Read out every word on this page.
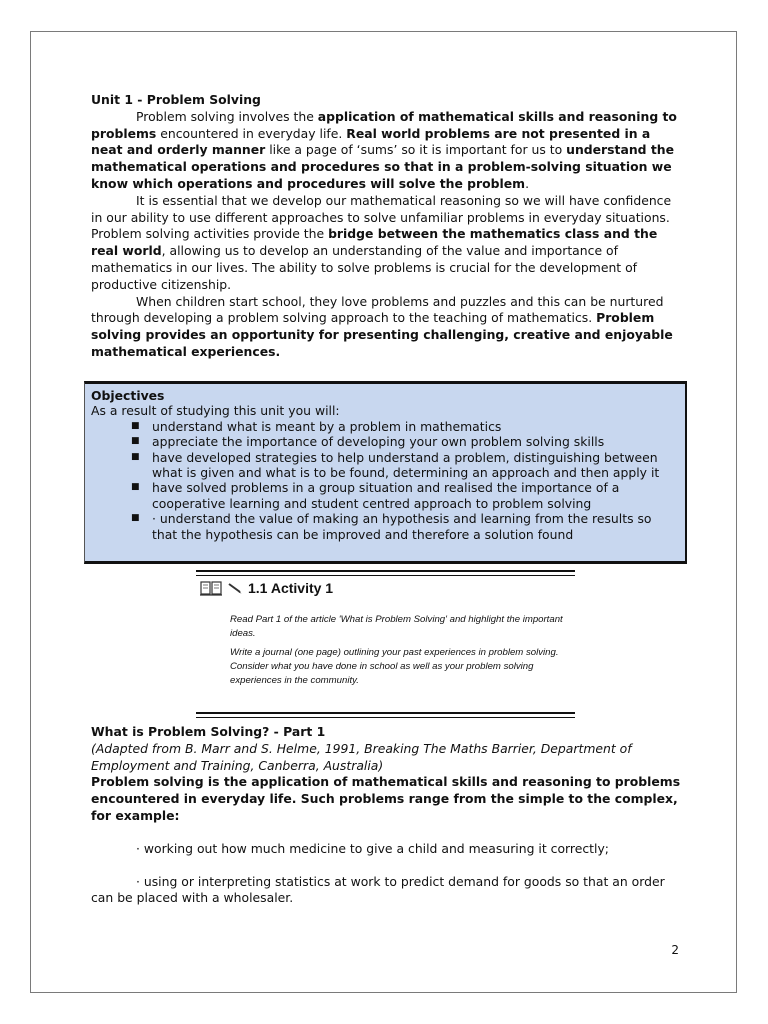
Unit 1 - Problem Solving

Problem solving involves the application of mathematical skills and reasoning to problems encountered in everyday life. Real world problems are not presented in a neat and orderly manner like a page of ‘sums’ so it is important for us to understand the mathematical operations and procedures so that in a problem-solving situation we know which operations and procedures will solve the problem.

It is essential that we develop our mathematical reasoning so we will have confidence in our ability to use different approaches to solve unfamiliar problems in everyday situations. Problem solving activities provide the bridge between the mathematics class and the real world, allowing us to develop an understanding of the value and importance of mathematics in our lives. The ability to solve problems is crucial for the development of productive citizenship.

When children start school, they love problems and puzzles and this can be nurtured through developing a problem solving approach to the teaching of mathematics. Problem solving provides an opportunity for presenting challenging, creative and enjoyable mathematical experiences.

Objectives
As a result of studying this unit you will:
■ understand what is meant by a problem in mathematics
■ appreciate the importance of developing your own problem solving skills
■ have developed strategies to help understand a problem, distinguishing between what is given and what is to be found, determining an approach and then apply it
■ have solved problems in a group situation and realised the importance of a cooperative learning and student centred approach to problem solving
■ · understand the value of making an hypothesis and learning from the results so that the hypothesis can be improved and therefore a solution found
1.1 Activity 1

Read Part 1 of the article 'What is Problem Solving' and highlight the important ideas.

Write a journal (one page) outlining your past experiences in problem solving. Consider what you have done in school as well as your problem solving experiences in the community.

What is Problem Solving? - Part 1

(Adapted from B. Marr and S. Helme, 1991, Breaking The Maths Barrier, Department of Employment and Training, Canberra, Australia)

Problem solving is the application of mathematical skills and reasoning to problems encountered in everyday life. Such problems range from the simple to the complex, for example:

· working out how much medicine to give a child and measuring it correctly;

· using or interpreting statistics at work to predict demand for goods so that an order can be placed with a wholesaler.

2
